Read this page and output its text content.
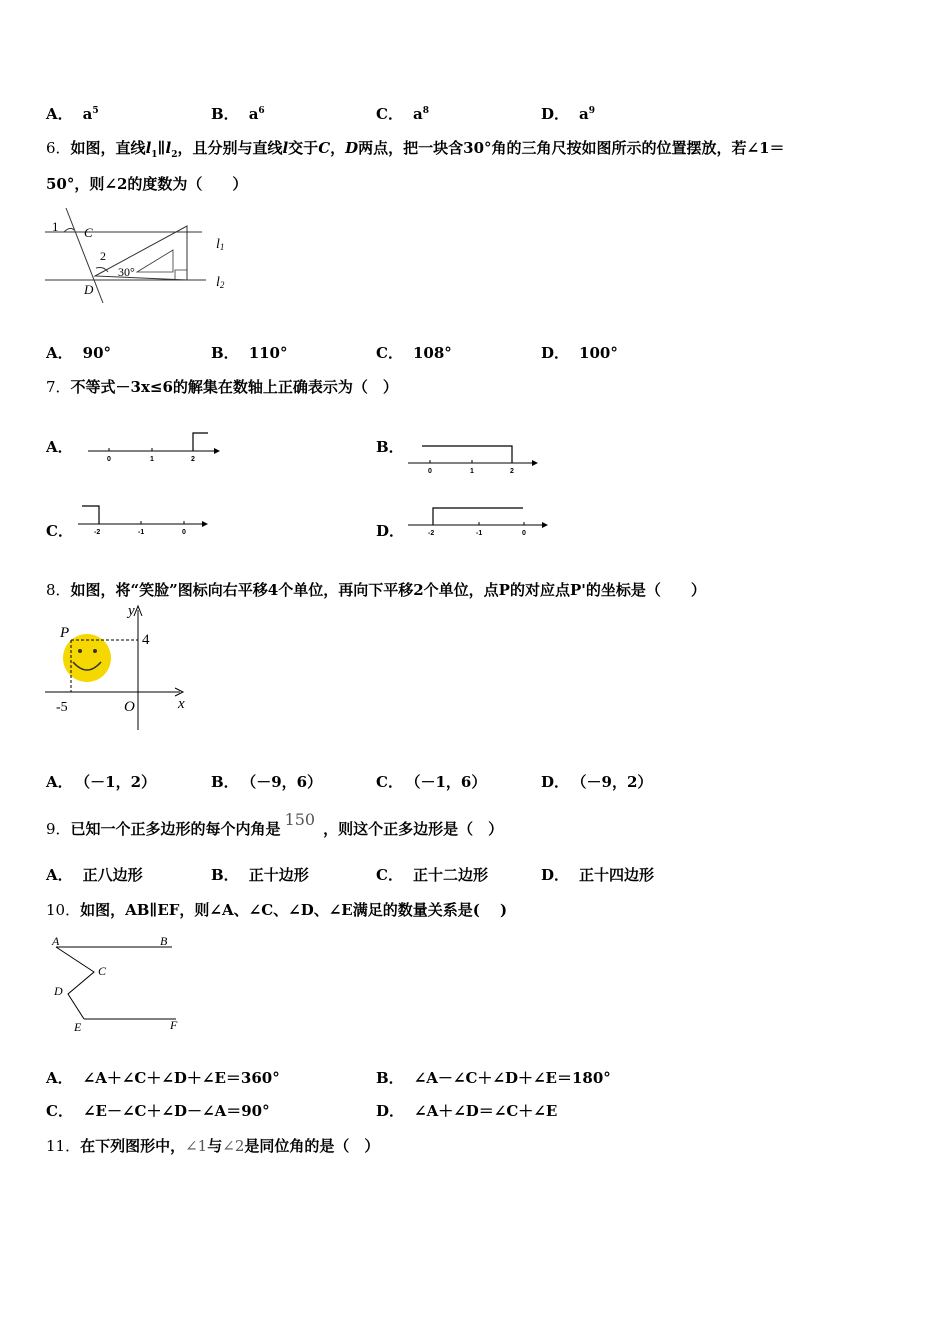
A． $a^5$	B． $a^6$	C． $a^8$	D． $a^9$
6．如图，直线$l_1\parallel l_2$，且分别与直线l交于C，D两点，把一块含30°角的三角尺按如图所示的位置摆放，若∠1＝
50°，则∠2的度数为（　　）
1 C
2
30°
D
l1
l2
A． 90°	B． 110°	C． 108°	D． 100°
7．不等式－3x≤6的解集在数轴上正确表示为（　）
A．
0	1	2
B．
0	1	2
C．	-2	-1	0	D．	-2	-1	0
8．如图，将“笑脸”图标向右平移4个单位，再向下平移2个单位，点P的对应点P'的坐标是（　　）
y
P	4
-5	O	x
A． （－1，2）	B． （－9，6）	C． （－1，6）	D． （－9，2）
9．已知一个正多边形的每个内角是 150 ，则这个正多边形是（　）
A． 正八边形	B． 正十边形	C． 正十二边形	D． 正十四边形
10．如图，AB∥EF，则∠A、∠C、∠D、∠E满足的数量关系是(　 )
A	B
C
D
E	F
A． ∠A＋∠C＋∠D＋∠E＝360°	B． ∠A－∠C＋∠D＋∠E＝180°
C． ∠E－∠C＋∠D－∠A＝90°	D． ∠A＋∠D＝∠C＋∠E
11．在下列图形中，∠1与∠2是同位角的是（　）
